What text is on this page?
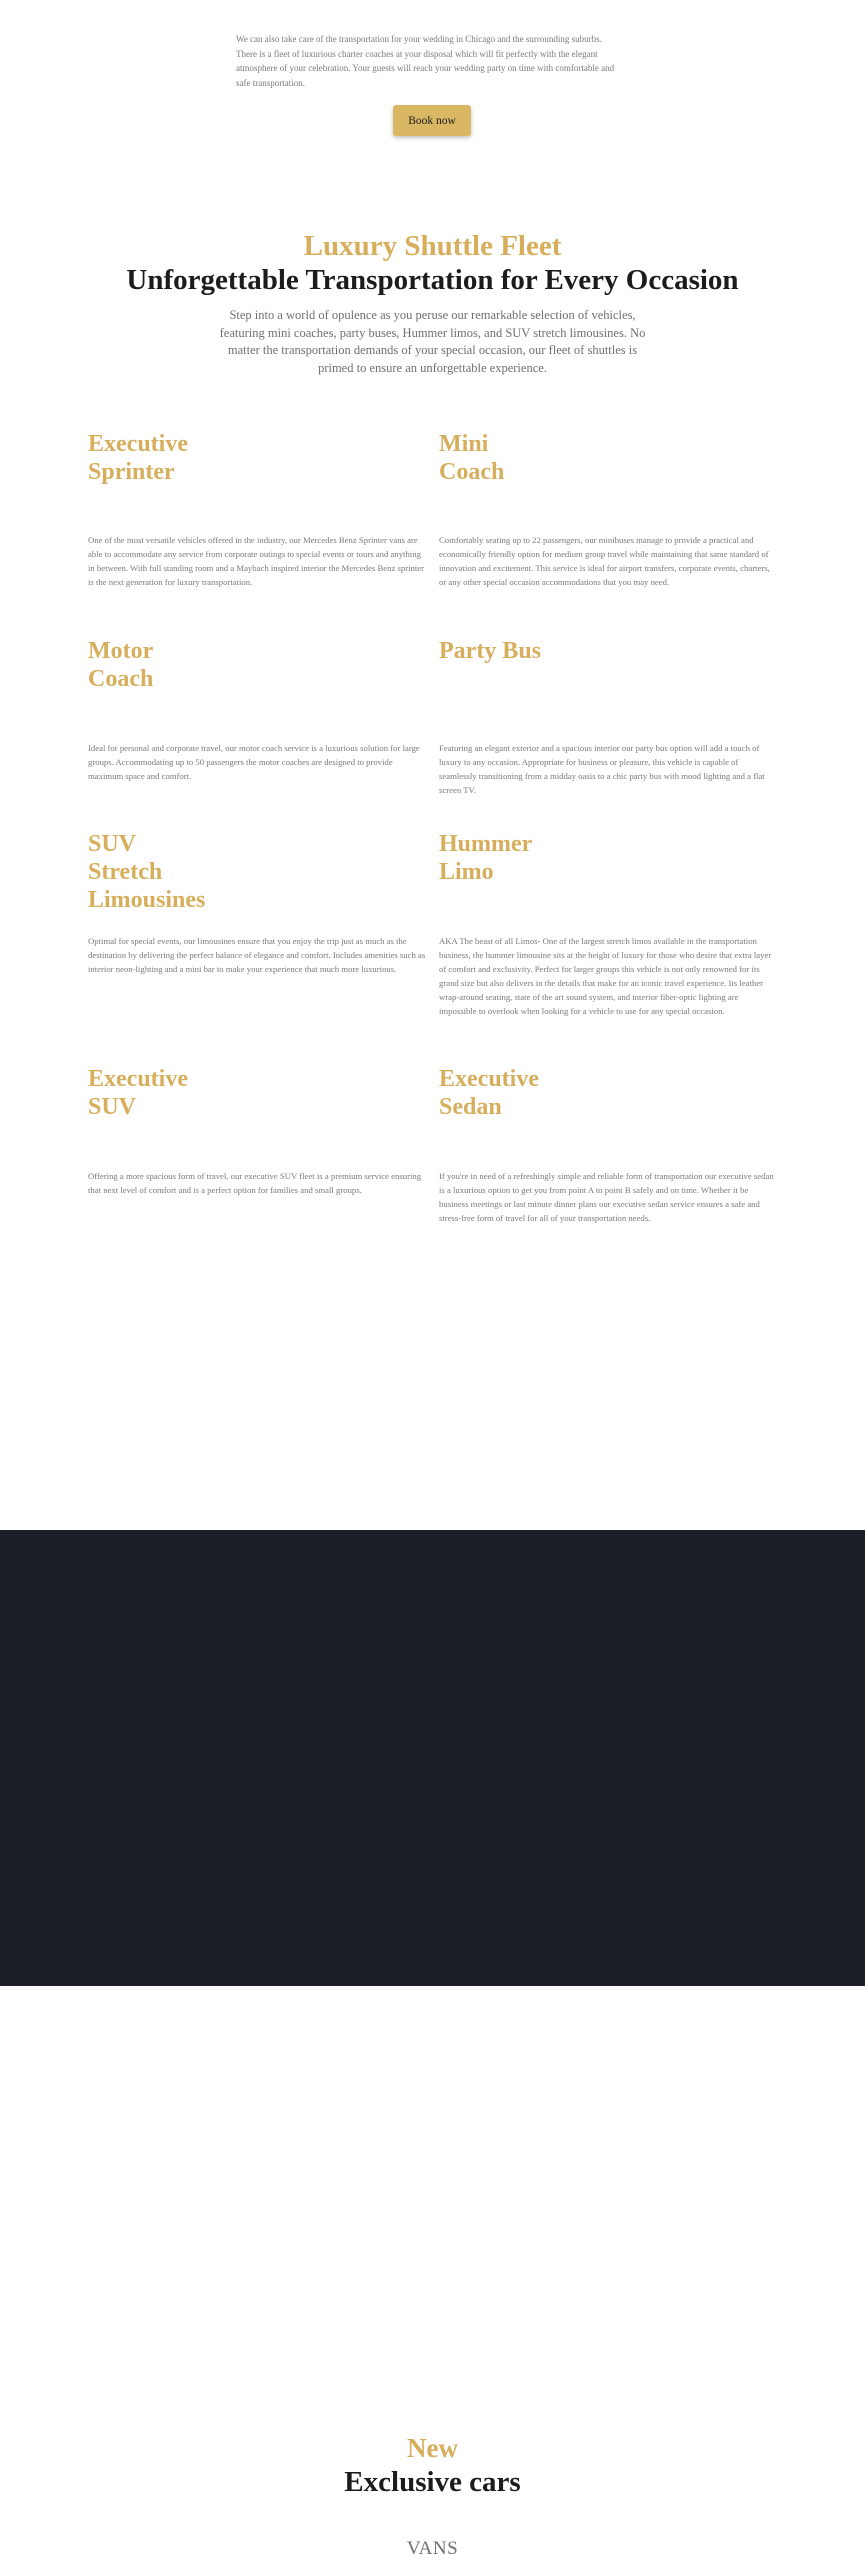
We can also take care of the transportation for your wedding in Chicago and the surrounding suburbs. There is a fleet of luxurious charter coaches at your disposal which will fit perfectly with the elegant atmosphere of your celebration. Your guests will reach your wedding party on time with comfortable and safe transportation.

Book now
Luxury Shuttle Fleet
Unforgettable Transportation for Every Occasion

Step into a world of opulence as you peruse our remarkable selection of vehicles, featuring mini coaches, party buses, Hummer limos, and SUV stretch limousines. No matter the transportation demands of your special occasion, our fleet of shuttles is primed to ensure an unforgettable experience.

Executive
Sprinter

One of the most versatile vehicles offered in the industry, our Mercedes Benz Sprinter vans are able to accommodate any service from corporate outings to special events or tours and anything in between. With full standing room and a Maybach inspired interior the Mercedes Benz sprinter is the next generation for luxury transportation.

Mini
Coach

Comfortably seating up to 22 passengers, our minibuses manage to provide a practical and economically friendly option for medium group travel while maintaining that same standard of innovation and excitement. This service is ideal for airport transfers, corporate events, charters, or any other special occasion accommodations that you may need.

Motor
Coach

Ideal for personal and corporate travel, our motor coach service is a luxurious solution for large groups. Accommodating up to 50 passengers the motor coaches are designed to provide maximum space and comfort.

Party Bus

Featuring an elegant exterior and a spacious interior our party bus option will add a touch of luxury to any occasion. Appropriate for business or pleasure, this vehicle is capable of seamlessly transitioning from a midday oasis to a chic party bus with mood lighting and a flat screen TV.

SUV
Stretch
Limousines

Optimal for special events, our limousines ensure that you enjoy the trip just as much as the destination by delivering the perfect balance of elegance and comfort. Includes amenities such as interior neon-lighting and a mini bar to make your experience that much more luxurious.

Hummer
Limo

AKA The beast of all Limos- One of the largest stretch limos available in the transportation business, the hummer limousine sits at the height of luxury for those who desire that extra layer of comfort and exclusivity. Perfect for larger groups this vehicle is not only renowned for its grand size but also delivers in the details that make for an iconic travel experience. Its leather wrap-around seating, state of the art sound system, and interior fiber-optic lighting are impossible to overlook when looking for a vehicle to use for any special occasion.

Executive
SUV

Offering a more spacious form of travel, our executive SUV fleet is a premium service ensuring that next level of comfort and is a perfect option for families and small groups.

Executive
Sedan

If you're in need of a refreshingly simple and reliable form of transportation our executive sedan is a luxurious option to get you from point A to point B safely and on time. Whether it be business meetings or last minute dinner plans our executive sedan service ensures a safe and stress-free form of travel for all of your transportation needs.

New
Exclusive cars
VANS
